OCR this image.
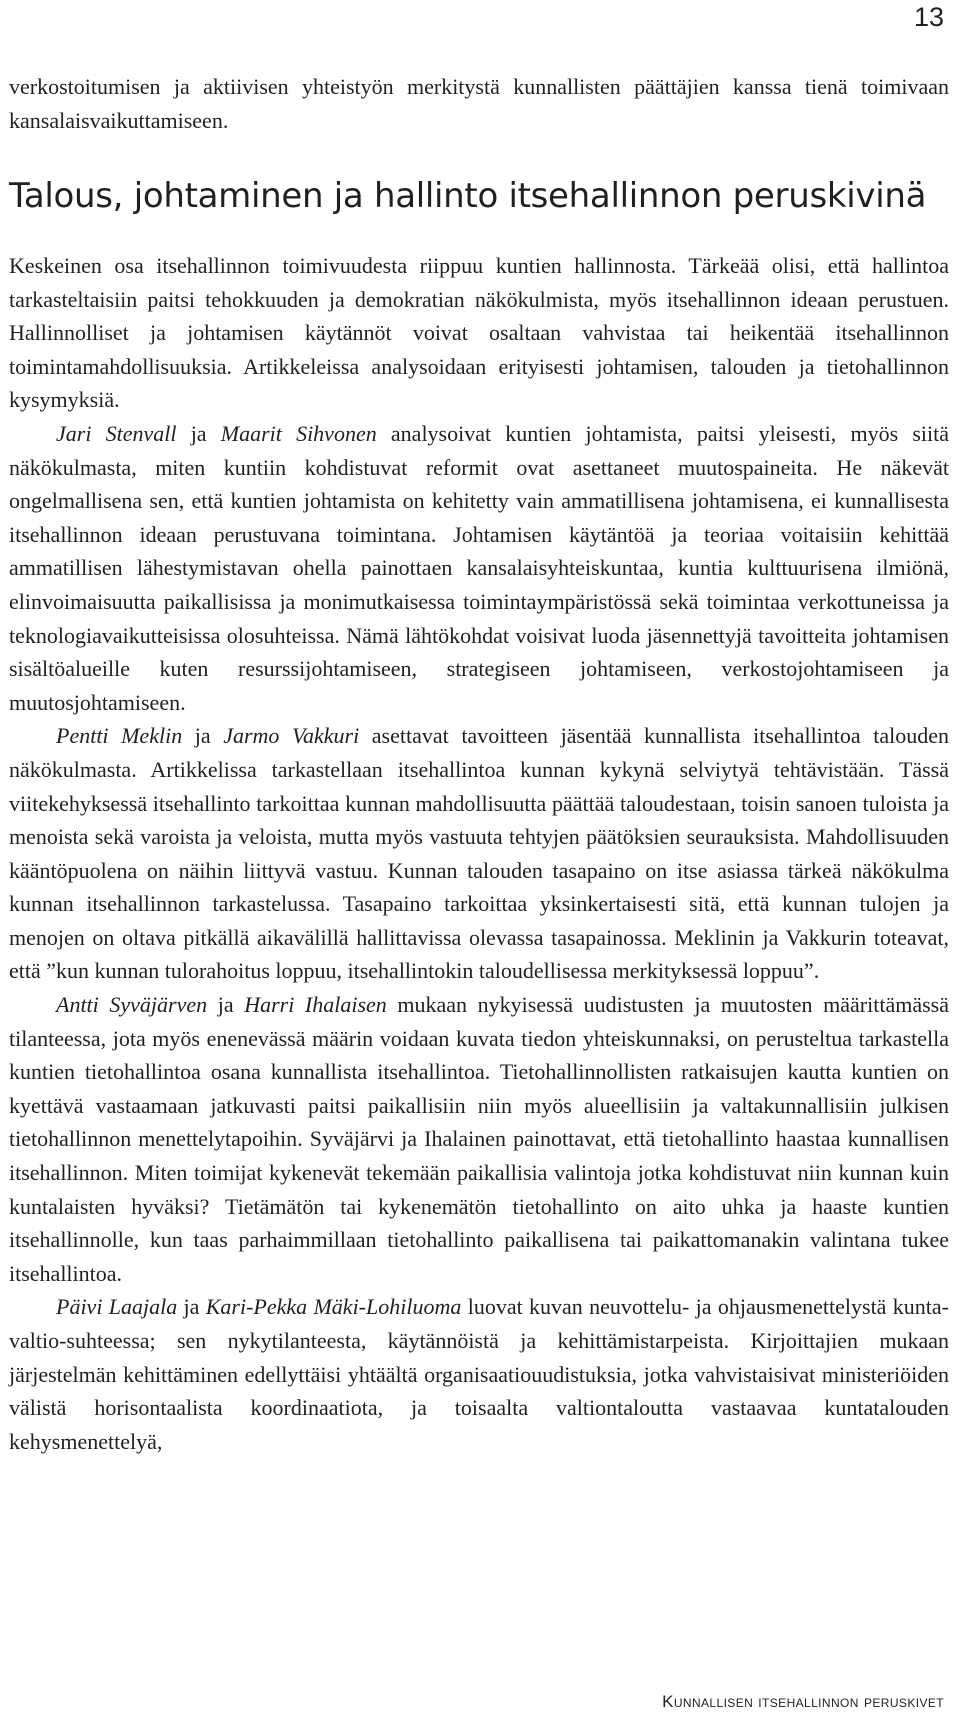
13

verkostoitumisen ja aktiivisen yhteistyön merkitystä kunnallisten päättäjien kanssa tienä toimivaan kansalaisvaikuttamiseen.

Talous, johtaminen ja hallinto itsehallinnon peruskivinä

Keskeinen osa itsehallinnon toimivuudesta riippuu kuntien hallinnosta. Tärkeää olisi, että hallintoa tarkasteltaisiin paitsi tehokkuuden ja demokratian näkökulmista, myös itsehallinnon ideaan perustuen. Hallinnolliset ja johtamisen käytännöt voivat osaltaan vahvistaa tai heikentää itsehallinnon toimintamahdollisuuksia. Artikkeleissa analysoidaan erityisesti johtamisen, talouden ja tietohallinnon kysymyksiä.

Jari Stenvall ja Maarit Sihvonen analysoivat kuntien johtamista, paitsi yleisesti, myös siitä näkökulmasta, miten kuntiin kohdistuvat reformit ovat asettaneet muutospaineita. He näkevät ongelmallisena sen, että kuntien johtamista on kehitetty vain ammatillisena johtamisena, ei kunnallisesta itsehallinnon ideaan perustuvana toimintana. Johtamisen käytäntöä ja teoriaa voitaisiin kehittää ammatillisen lähestymistavan ohella painottaen kansalaisyhteiskuntaa, kuntia kulttuurisena ilmiönä, elinvoimaisuutta paikallisissa ja monimutkaisessa toimintaympäristössä sekä toimintaa verkottuneissa ja teknologiavaikutteisissa olosuhteissa. Nämä lähtökohdat voisivat luoda jäsennettyjä tavoitteita johtamisen sisältöalueille kuten resurssijohtamiseen, strategiseen johtamiseen, verkostojohtamiseen ja muutosjohtamiseen.

Pentti Meklin ja Jarmo Vakkuri asettavat tavoitteen jäsentää kunnallista itsehallintoa talouden näkökulmasta. Artikkelissa tarkastellaan itsehallintoa kunnan kykynä selviytyä tehtävistään. Tässä viitekehyksessä itsehallinto tarkoittaa kunnan mahdollisuutta päättää taloudestaan, toisin sanoen tuloista ja menoista sekä varoista ja veloista, mutta myös vastuuta tehtyjen päätöksien seurauksista. Mahdollisuuden kääntöpuolena on näihin liittyvä vastuu. Kunnan talouden tasapaino on itse asiassa tärkeä näkökulma kunnan itsehallinnon tarkastelussa. Tasapaino tarkoittaa yksinkertaisesti sitä, että kunnan tulojen ja menojen on oltava pitkällä aikavälillä hallittavissa olevassa tasapainossa. Meklinin ja Vakkurin toteavat, että ”kun kunnan tulorahoitus loppuu, itsehallintokin taloudellisessa merkityksessä loppuu”.

Antti Syväjärven ja Harri Ihalaisen mukaan nykyisessä uudistusten ja muutosten määrittämässä tilanteessa, jota myös enenevässä määrin voidaan kuvata tiedon yhteiskunnaksi, on perusteltua tarkastella kuntien tietohallintoa osana kunnallista itsehallintoa. Tietohallinnollisten ratkaisujen kautta kuntien on kyettävä vastaamaan jatkuvasti paitsi paikallisiin niin myös alueellisiin ja valtakunnallisiin julkisen tietohallinnon menettelytapoihin. Syväjärvi ja Ihalainen painottavat, että tietohallinto haastaa kunnallisen itsehallinnon. Miten toimijat kykenevät tekemään paikallisia valintoja jotka kohdistuvat niin kunnan kuin kuntalaisten hyväksi? Tietämätön tai kykenemätön tietohallinto on aito uhka ja haaste kuntien itsehallinnolle, kun taas parhaimmillaan tietohallinto paikallisena tai paikattomanakin valintana tukee itsehallintoa.

Päivi Laajala ja Kari-Pekka Mäki-Lohiluoma luovat kuvan neuvottelu- ja ohjausmenettelystä kunta-valtio-suhteessa; sen nykytilanteesta, käytännöistä ja kehittämistarpeista. Kirjoittajien mukaan järjestelmän kehittäminen edellyttäisi yhtäältä organisaatiouudistuksia, jotka vahvistaisivat ministeriöiden välistä horisontaalista koordinaatiota, ja toisaalta valtiontaloutta vastaavaa kuntatalouden kehysmenettelyä,

Kunnallisen itsehallinnon peruskivet
